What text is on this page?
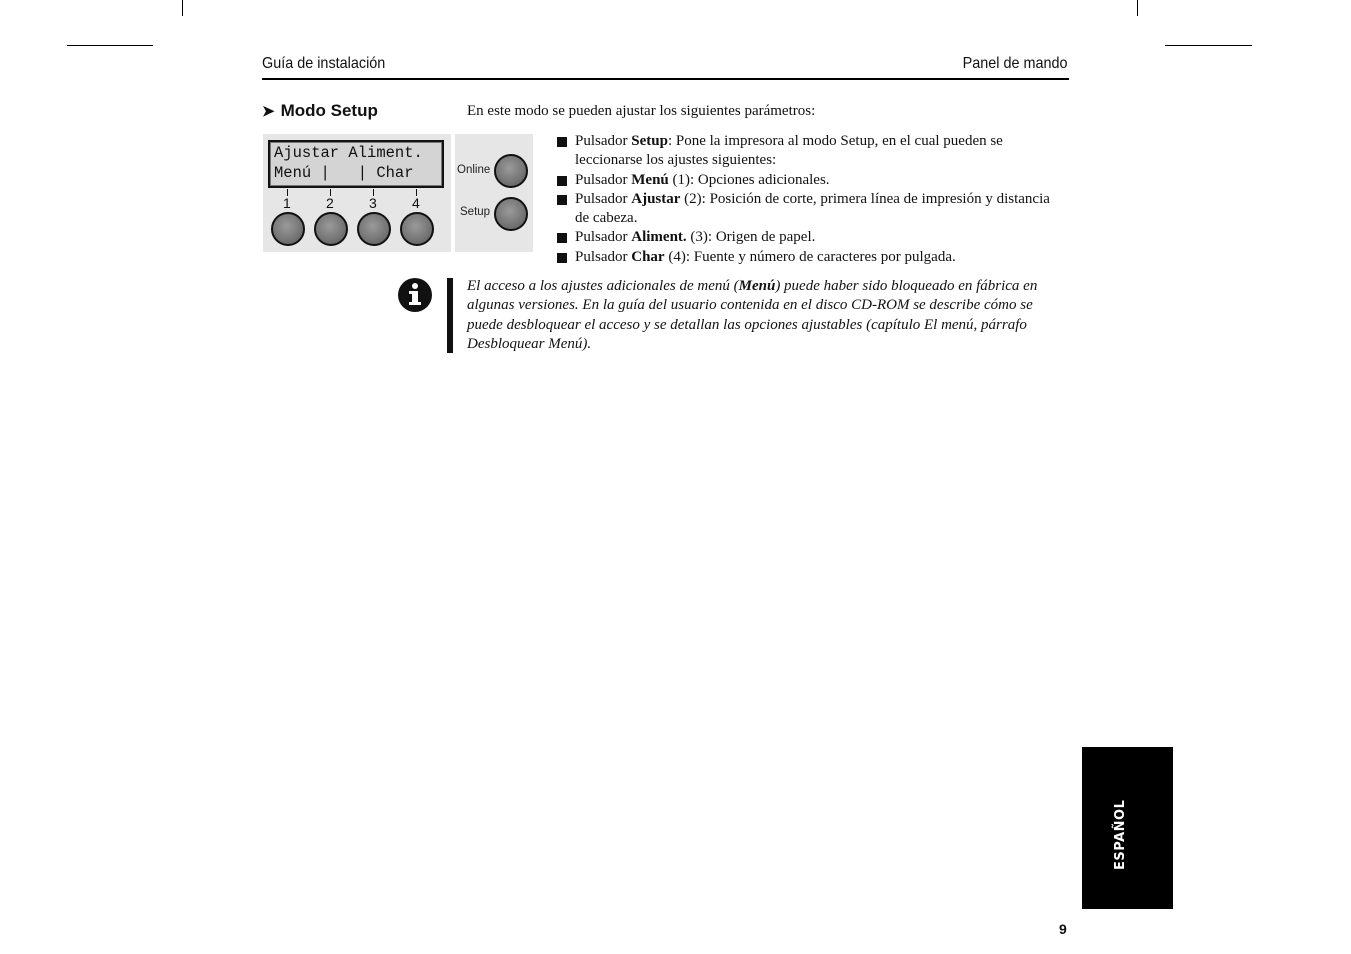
Guía de instalación	Panel de mando
➤ Modo Setup	En este modo se pueden ajustar los siguientes parámetros:
Ajustar Aliment.
Menú |   | Char
1	2	3	4
Online
Setup
Pulsador Setup: Pone la impresora al modo Setup, en el cual pueden se leccionarse los ajustes siguientes:
Pulsador Menú (1): Opciones adicionales.
Pulsador Ajustar (2): Posición de corte, primera línea de impresión y distancia de cabeza.
Pulsador Aliment. (3): Origen de papel.
Pulsador Char (4): Fuente y número de caracteres por pulgada.

El acceso a los ajustes adicionales de menú (Menú) puede haber sido bloqueado en fábrica en algunas versiones. En la guía del usuario contenida en el disco CD-ROM se describe cómo se puede desbloquear el acceso y se detallan las opciones ajustables (capítulo El menú, párrafo Desbloquear Menú).

ESPAÑOL
9
